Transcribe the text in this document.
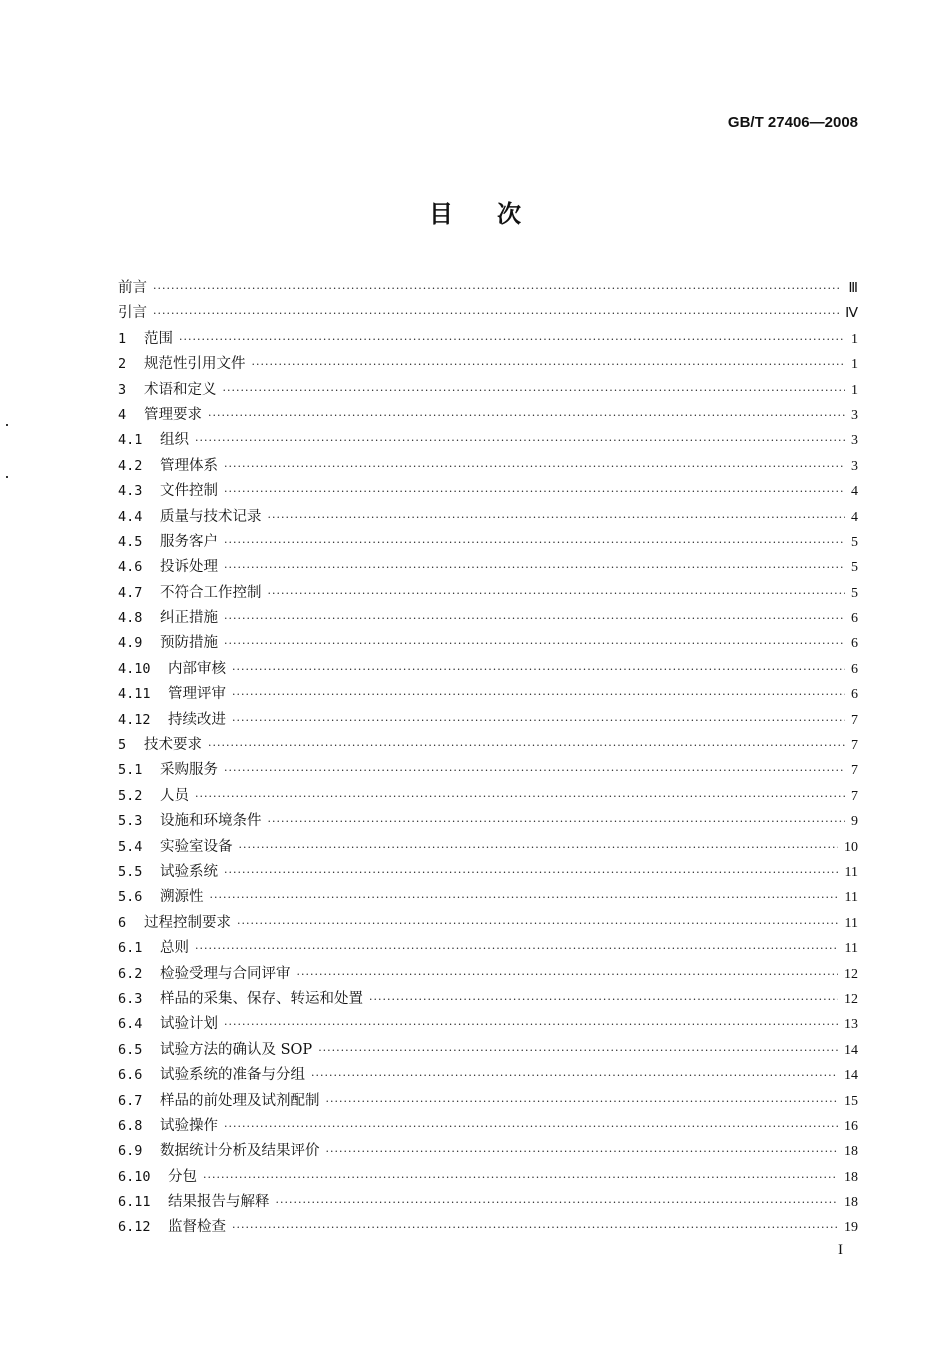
GB/T 27406—2008
目次
前言 ·····	Ⅲ
引言 ·····	Ⅳ
1	范围 ·····	1
2	规范性引用文件 ·····	1
3	术语和定义 ·····	1
4	管理要求 ·····	3
4.1	组织 ·····	3
4.2	管理体系 ·····	3
4.3	文件控制 ·····	4
4.4	质量与技术记录 ·····	4
4.5	服务客户 ·····	5
4.6	投诉处理 ·····	5
4.7	不符合工作控制 ·····	5
4.8	纠正措施 ·····	6
4.9	预防措施 ·····	6
4.10	内部审核 ·····	6
4.11	管理评审 ·····	6
4.12	持续改进 ·····	7
5	技术要求 ·····	7
5.1	采购服务 ·····	7
5.2	人员 ·····	7
5.3	设施和环境条件 ·····	9
5.4	实验室设备 ·····	10
5.5	试验系统 ·····	11
5.6	溯源性 ·····	11
6	过程控制要求 ·····	11
6.1	总则 ·····	11
6.2	检验受理与合同评审 ·····	12
6.3	样品的采集、保存、转运和处置 ·····	12
6.4	试验计划 ·····	13
6.5	试验方法的确认及 SOP ·····	14
6.6	试验系统的准备与分组 ·····	14
6.7	样品的前处理及试剂配制 ·····	15
6.8	试验操作 ·····	16
6.9	数据统计分析及结果评价 ·····	18
6.10	分包 ·····	18
6.11	结果报告与解释 ·····	18
6.12	监督检查 ·····	19
I
